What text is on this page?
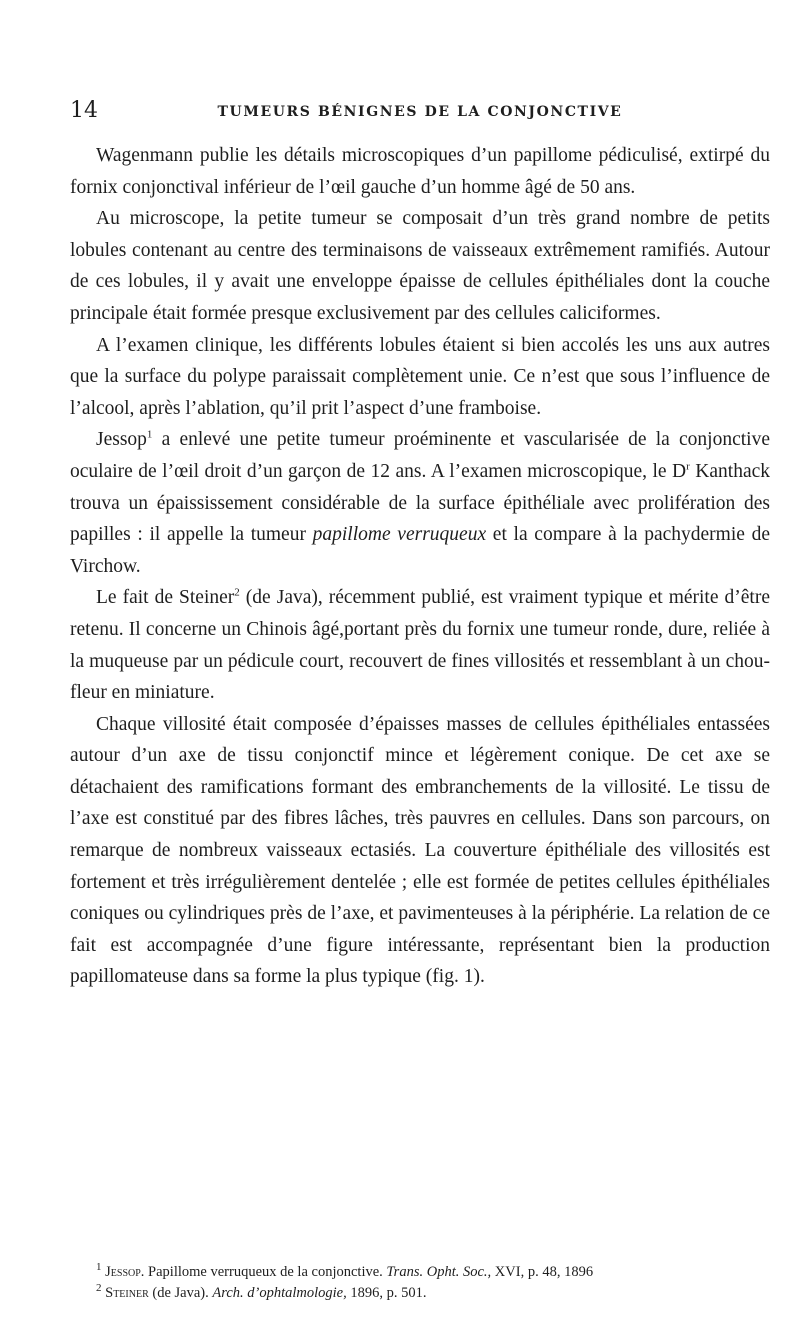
14	TUMEURS BÉNIGNES DE LA CONJONCTIVE

Wagenmann publie les détails microscopiques d’un papillome pédiculisé, extirpé du fornix conjonctival inférieur de l’œil gauche d’un homme âgé de 50 ans.

Au microscope, la petite tumeur se composait d’un très grand nombre de petits lobules contenant au centre des terminaisons de vaisseaux extrêmement ramifiés. Autour de ces lobules, il y avait une enveloppe épaisse de cellules épithéliales dont la couche principale était formée presque exclusivement par des cellules caliciformes.

A l’examen clinique, les différents lobules étaient si bien accolés les uns aux autres que la surface du polype paraissait complètement unie. Ce n’est que sous l’influence de l’alcool, après l’ablation, qu’il prit l’aspect d’une framboise.

Jessop$^1$ a enlevé une petite tumeur proéminente et vascularisée de la conjonctive oculaire de l’œil droit d’un garçon de 12 ans. A l’examen microscopique, le $D^r$ Kanthack trouva un épaississement considérable de la surface épithéliale avec prolifération des papilles : il appelle la tumeur papillome verruqueux et la compare à la pachydermie de Virchow.

Le fait de Steiner$^2$ (de Java), récemment publié, est vraiment typique et mérite d’être retenu. Il concerne un Chinois âgé,portant près du fornix une tumeur ronde, dure, reliée à la muqueuse par un pédicule court, recouvert de fines villosités et ressemblant à un chou-fleur en miniature.

Chaque villosité était composée d’épaisses masses de cellules épithéliales entassées autour d’un axe de tissu conjonctif mince et légèrement conique. De cet axe se détachaient des ramifications formant des embranchements de la villosité. Le tissu de l’axe est constitué par des fibres lâches, très pauvres en cellules. Dans son parcours, on remarque de nombreux vaisseaux ectasiés. La couverture épithéliale des villosités est fortement et très irrégulièrement dentelée ; elle est formée de petites cellules épithéliales coniques ou cylindriques près de l’axe, et pavimenteuses à la périphérie. La relation de ce fait est accompagnée d’une figure intéressante, représentant bien la production papillomateuse dans sa forme la plus typique (fig. 1).

$^1$ Jessop. Papillome verruqueux de la conjonctive. Trans. Opht. Soc., XVI, p. 48, 1896

$^2$ Steiner (de Java). Arch. d’ophtalmologie, 1896, p. 501.
